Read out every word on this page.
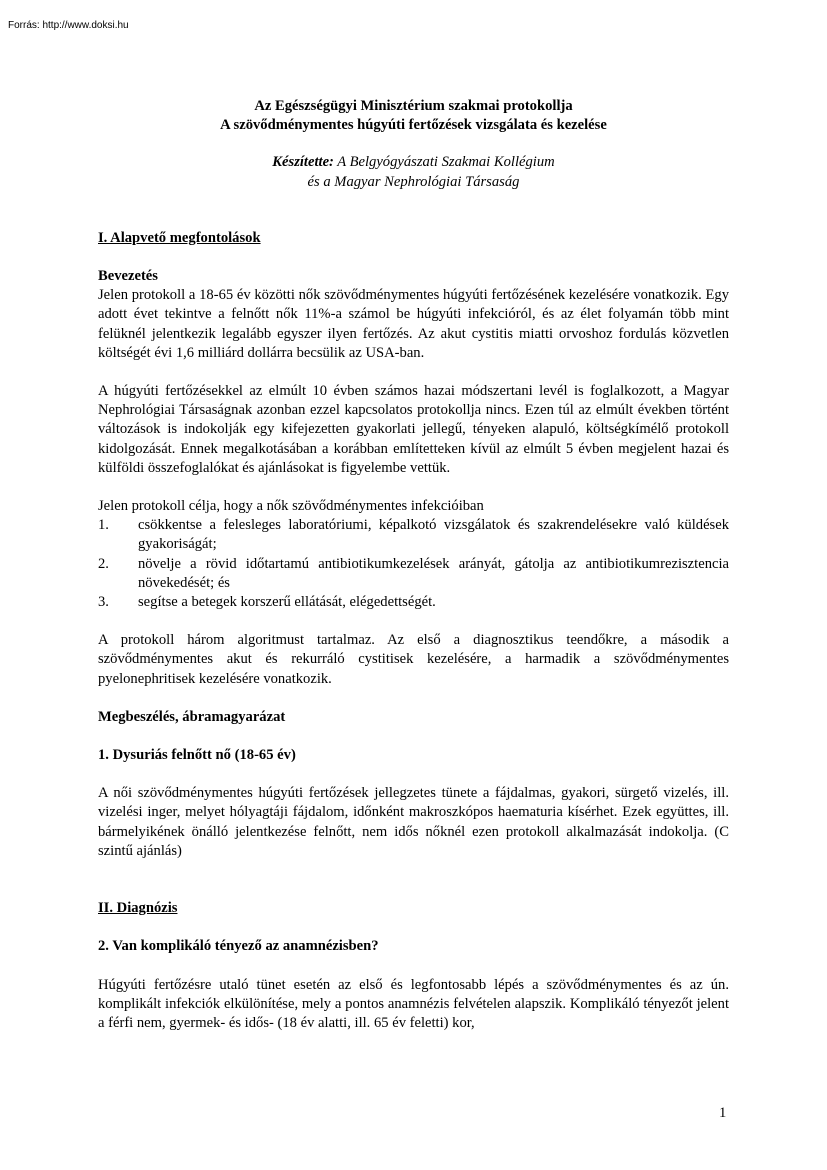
Forrás: http://www.doksi.hu
Az Egészségügyi Minisztérium szakmai protokollja
A szövődménymentes húgyúti fertőzések vizsgálata és kezelése
Készítette: A Belgyógyászati Szakmai Kollégium
és a Magyar Nephrológiai Társaság
I. Alapvető megfontolások
Bevezetés

Jelen protokoll a 18-65 év közötti nők szövődménymentes húgyúti fertőzésének kezelésére vonatkozik. Egy adott évet tekintve a felnőtt nők 11%-a számol be húgyúti infekcióról, és az élet folyamán több mint felüknél jelentkezik legalább egyszer ilyen fertőzés. Az akut cystitis miatti orvoshoz fordulás közvetlen költségét évi 1,6 milliárd dollárra becsülik az USA-ban.

A húgyúti fertőzésekkel az elmúlt 10 évben számos hazai módszertani levél is foglalkozott, a Magyar Nephrológiai Társaságnak azonban ezzel kapcsolatos protokollja nincs. Ezen túl az elmúlt években történt változások is indokolják egy kifejezetten gyakorlati jellegű, tényeken alapuló, költségkímélő protokoll kidolgozását. Ennek megalkotásában a korábban említetteken kívül az elmúlt 5 évben megjelent hazai és külföldi összefoglalókat és ajánlásokat is figyelembe vettük.

Jelen protokoll célja, hogy a nők szövődménymentes infekcióiban

1.	csökkentse a felesleges laboratóriumi, képalkotó vizsgálatok és szakrendelésekre való küldések gyakoriságát;
2.	növelje a rövid időtartamú antibiotikumkezelések arányát, gátolja az antibiotikumrezisztencia növekedését; és
3.	segítse a betegek korszerű ellátását, elégedettségét.

A protokoll három algoritmust tartalmaz. Az első a diagnosztikus teendőkre, a második a szövődménymentes akut és rekurráló cystitisek kezelésére, a harmadik a szövődménymentes pyelonephritisek kezelésére vonatkozik.

Megbeszélés, ábramagyarázat
1. Dysuriás felnőtt nő (18-65 év)

A női szövődménymentes húgyúti fertőzések jellegzetes tünete a fájdalmas, gyakori, sürgető vizelés, ill. vizelési inger, melyet hólyagtáji fájdalom, időnként makroszkópos haematuria kísérhet. Ezek együttes, ill. bármelyikének önálló jelentkezése felnőtt, nem idős nőknél ezen protokoll alkalmazását indokolja. (C szintű ajánlás)

II. Diagnózis
2. Van komplikáló tényező az anamnézisben?

Húgyúti fertőzésre utaló tünet esetén az első és legfontosabb lépés a szövődménymentes és az ún. komplikált infekciók elkülönítése, mely a pontos anamnézis felvételen alapszik. Komplikáló tényezőt jelent a férfi nem, gyermek- és idős- (18 év alatti, ill. 65 év feletti) kor,

1
